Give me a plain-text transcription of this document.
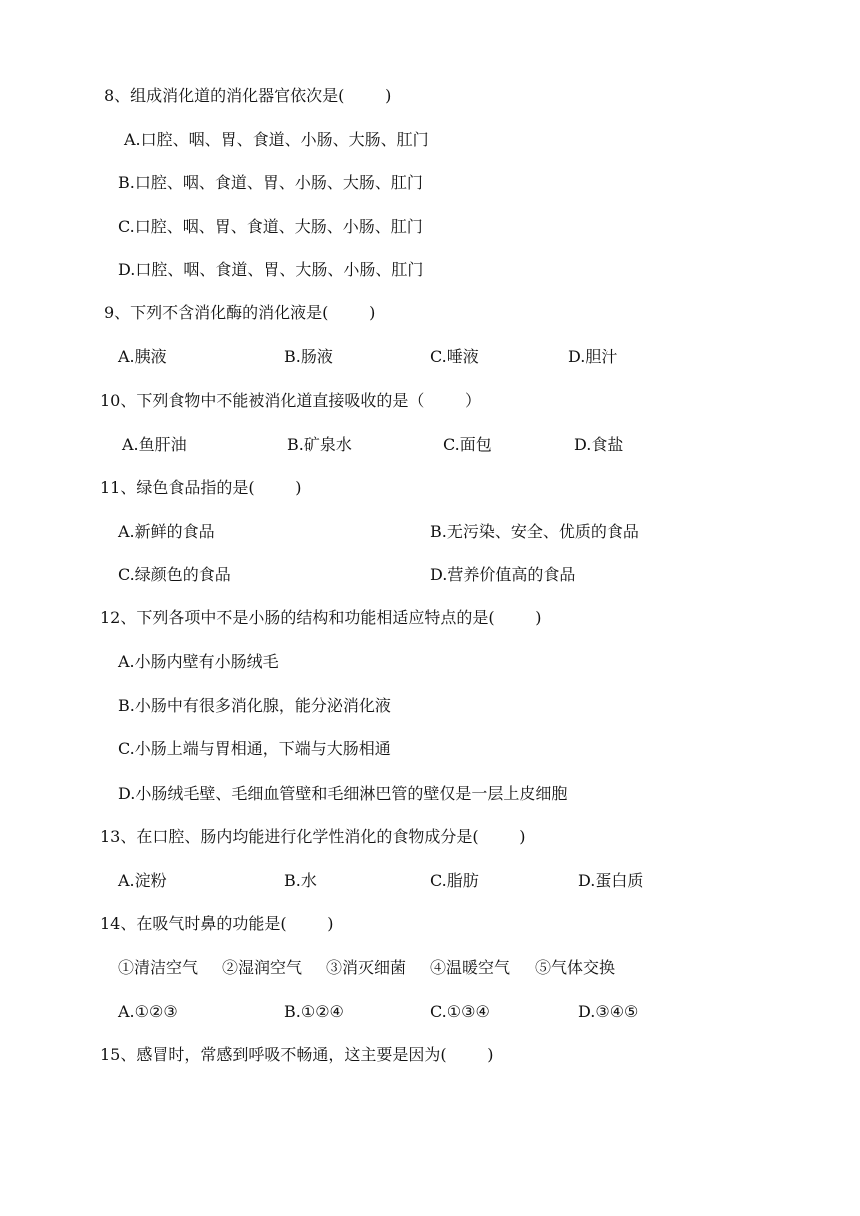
8、组成消化道的消化器官依次是(        )
A.口腔、咽、胃、食道、小肠、大肠、肛门
B.口腔、咽、食道、胃、小肠、大肠、肛门
C.口腔、咽、胃、食道、大肠、小肠、肛门
D.口腔、咽、食道、胃、大肠、小肠、肛门
9、下列不含消化酶的消化液是(        )
A.胰液	B.肠液	C.唾液	D.胆汁
10、下列食物中不能被消化道直接吸收的是（        ）
A.鱼肝油	B.矿泉水	C.面包	D.食盐
11、绿色食品指的是(        )
A.新鲜的食品	B.无污染、安全、优质的食品
C.绿颜色的食品	D.营养价值高的食品
12、下列各项中不是小肠的结构和功能相适应特点的是(        )
A.小肠内壁有小肠绒毛
B.小肠中有很多消化腺，能分泌消化液
C.小肠上端与胃相通，下端与大肠相通
D.小肠绒毛壁、毛细血管壁和毛细淋巴管的壁仅是一层上皮细胞
13、在口腔、肠内均能进行化学性消化的食物成分是(        )
A.淀粉	B.水	C.脂肪	D.蛋白质
14、在吸气时鼻的功能是(        )
①清洁空气 ②湿润空气 ③消灭细菌 ④温暖空气 ⑤气体交换
A.①②③	B.①②④	C.①③④	D.③④⑤
15、感冒时，常感到呼吸不畅通，这主要是因为(        )
